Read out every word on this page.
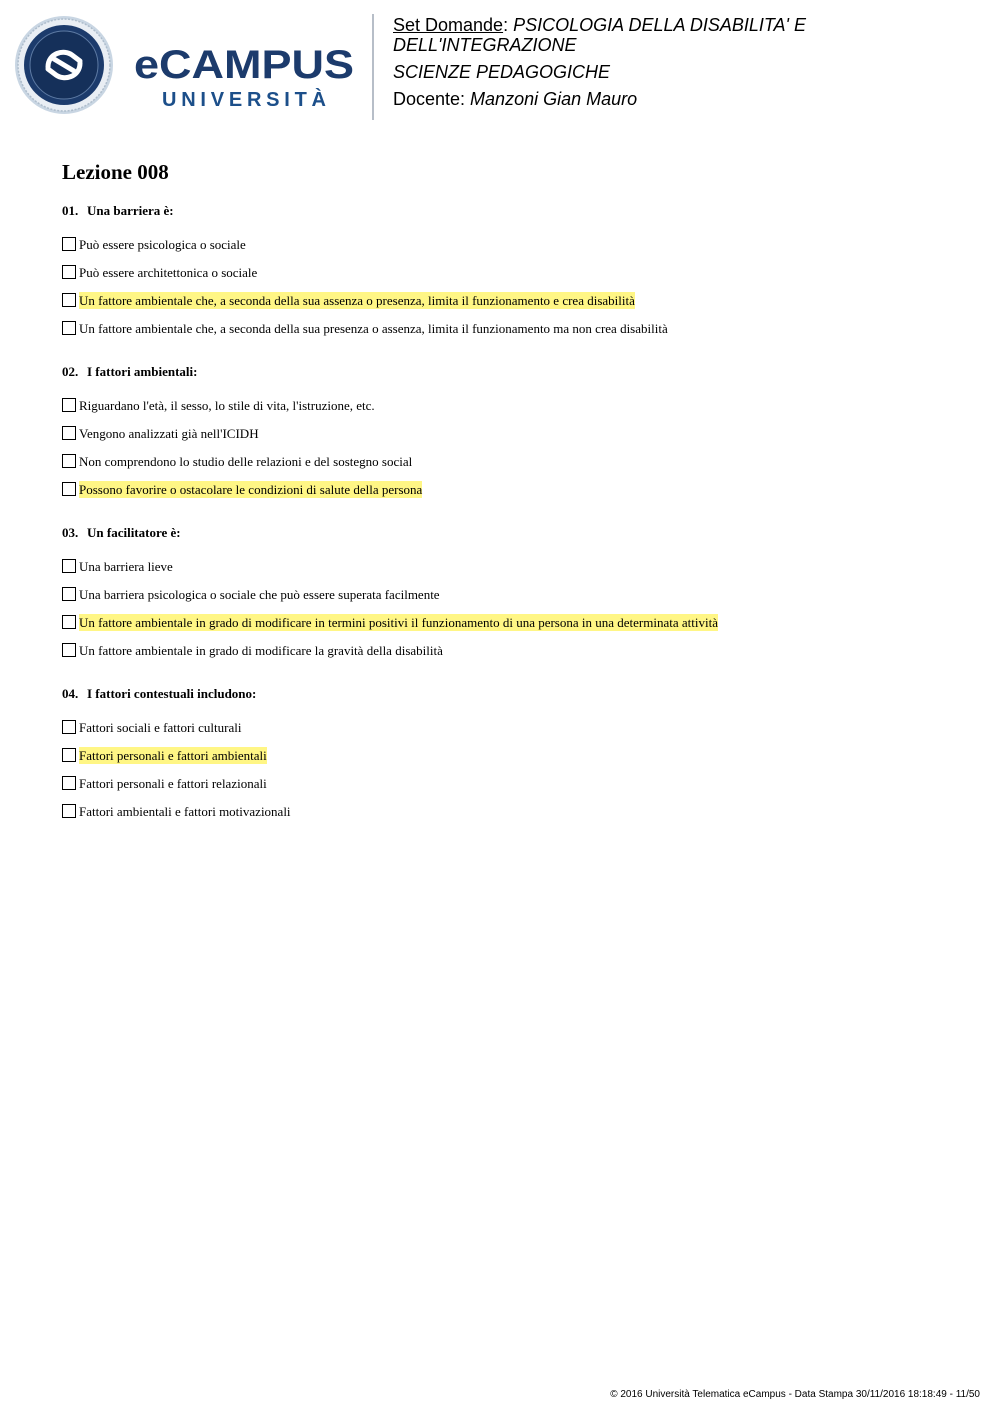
eCAMPUS
UNIVERSITÀ
Set Domande: PSICOLOGIA DELLA DISABILITA' E
DELL'INTEGRAZIONE
SCIENZE PEDAGOGICHE
Docente: Manzoni Gian Mauro
Lezione 008
01. Una barriera è:
Può essere psicologica o sociale
Può essere architettonica o sociale
Un fattore ambientale che, a seconda della sua assenza o presenza, limita il funzionamento e crea disabilità
Un fattore ambientale che, a seconda della sua presenza o assenza, limita il funzionamento ma non crea disabilità
02. I fattori ambientali:
Riguardano l'età, il sesso, lo stile di vita, l'istruzione, etc.
Vengono analizzati già nell'ICIDH
Non comprendono lo studio delle relazioni e del sostegno social
Possono favorire o ostacolare le condizioni di salute della persona
03. Un facilitatore è:
Una barriera lieve
Una barriera psicologica o sociale che può essere superata facilmente
Un fattore ambientale in grado di modificare in termini positivi il funzionamento di una persona in una determinata attività
Un fattore ambientale in grado di modificare la gravità della disabilità
04. I fattori contestuali includono:
Fattori sociali e fattori culturali
Fattori personali e fattori ambientali
Fattori personali e fattori relazionali
Fattori ambientali e fattori motivazionali
© 2016 Università Telematica eCampus - Data Stampa 30/11/2016 18:18:49 - 11/50
